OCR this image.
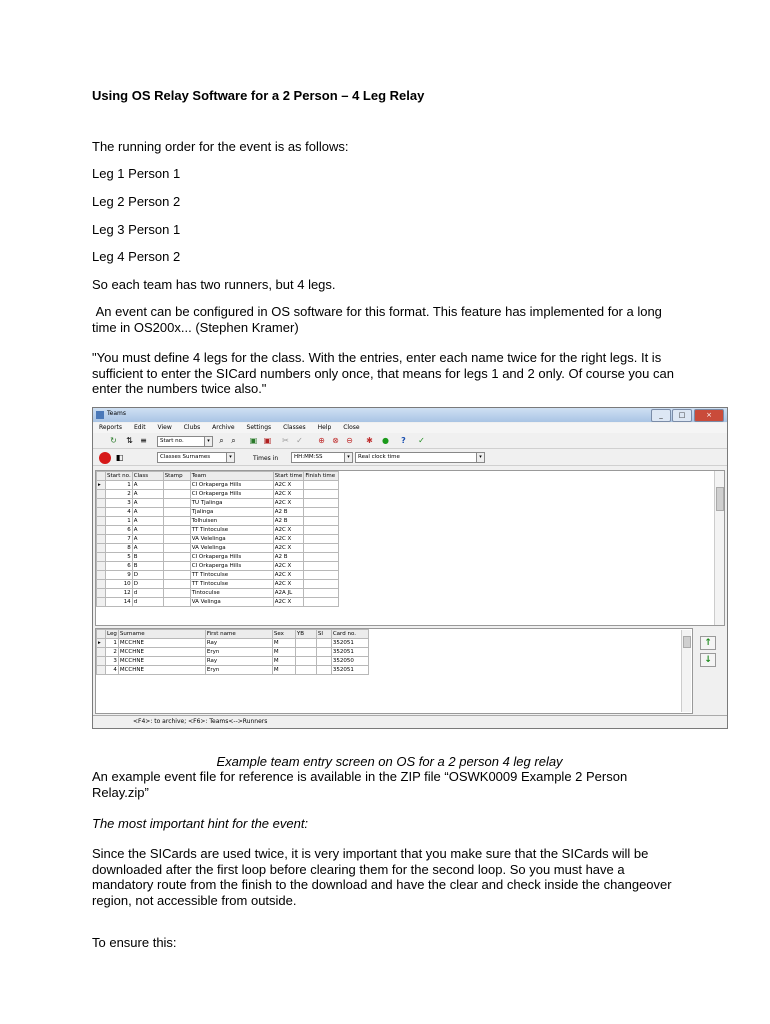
Using OS Relay Software for a 2 Person – 4 Leg Relay

The running order for the event is as follows:

Leg 1 Person 1

Leg 2 Person 2

Leg 3 Person 1

Leg 4 Person 2

So each team has two runners, but 4 legs.

An event can be configured in OS software for this format. This feature has implemented for a long time in OS200x... (Stephen Kramer)

"You must define 4 legs for the class. With the entries, enter each name twice for the right legs. It is sufficient to enter the SICard numbers only once, that means for legs 1 and 2 only. Of course you can enter the numbers twice also."

Teams	_	□	×
Reports Edit View Clubs Archive Settings Classes Help Close
↻ ⇅ ≡	Start no.	▾ ⌕ ⌕ ▣ ▣ ✂ ✓ ⊕ ⊗ ⊖ ✱ ● ? ✓
◧	Classes Surnames	▾	Times in	HH:MM:SS	▾	Real clock time	▾
	Start no.	Class	Stamp	Team	Start time	Finish time
▸	1	A		CI Orkaperga Hills	A2C X	
	2	A		CI Orkaperga Hills	A2C X	
	3	A		TU Tjalinga	A2C X	
	4	A		Tjalinga	A2 B	
	1	A		Tolhuisen	A2 B	
	6	A		TT Tintoculse	A2C X	
	7	A		VA Velelinga	A2C X	
	8	A		VA Velelinga	A2C X	
	5	B		CI Orkaperga Hills	A2 B	
	6	B		CI Orkaperga Hills	A2C X	
	9	D		TT Tintoculse	A2C X	
	10	D		TT Tintoculse	A2C X	
	12	d		Tintoculse	A2A JL	
	14	d		VA Velinga	A2C X	
	Leg	Surname	First name	Sex	YB	SI	Card no.
▸	1	MCCHNE	Ray	M			352051
	2	MCCHNE	Eryn	M			352051
	3	MCCHNE	Ray	M			352050
	4	MCCHNE	Eryn	M			352051
↑
↓
<F4>: to archive; <F6>: Teams<-->Runners

Example team entry screen on OS for a 2 person 4 leg relay

An example event file for reference is available in the ZIP file “OSWK0009 Example 2 Person Relay.zip”

The most important hint for the event:

Since the SICards are used twice, it is very important that you make sure that the SICards will be downloaded after the first loop before clearing them for the second loop. So you must have a mandatory route from the finish to the download and have the clear and check inside the changeover region, not accessible from outside.

To ensure this:
